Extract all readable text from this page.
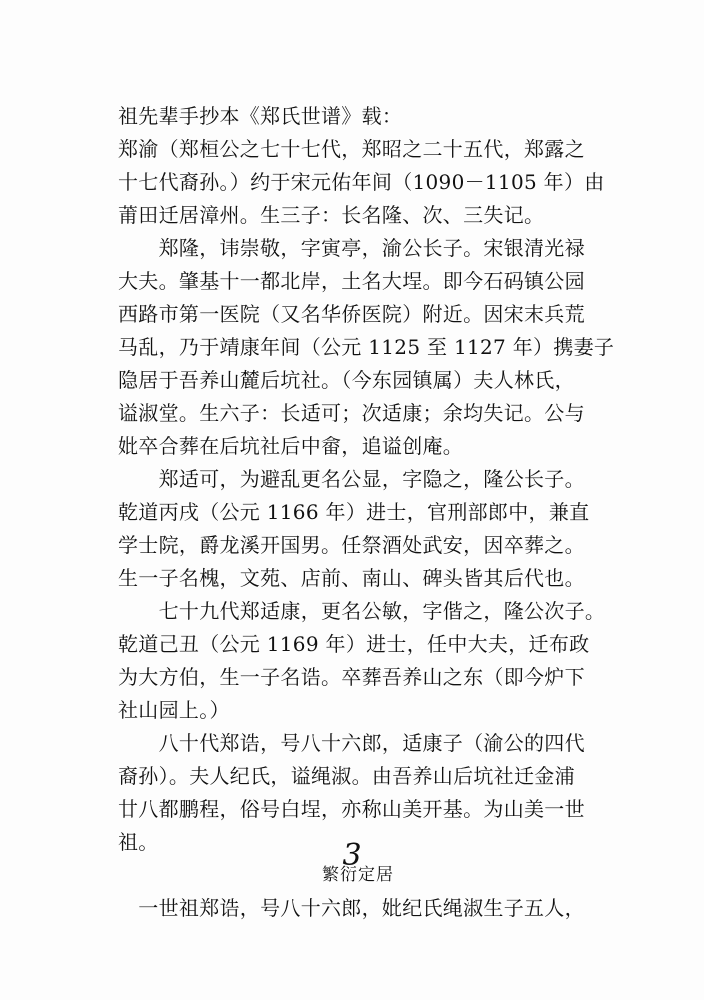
祖先辈手抄本《郑氏世谱》载：
郑渝（郑桓公之七十七代，郑昭之二十五代，郑露之
十七代裔孙。）约于宋元佑年间（1090－1105 年）由
莆田迁居漳州。生三子：长名隆、次、三失记。
　　郑隆，讳崇敬，字寅亭，渝公长子。宋银清光禄
大夫。肇基十一都北岸，土名大埕。即今石码镇公园
西路市第一医院（又名华侨医院）附近。因宋末兵荒
马乱，乃于靖康年间（公元 1125 至 1127 年）携妻子
隐居于吾养山麓后坑社。（今东园镇属）夫人林氏，
谥淑堂。生六子：长适可；次适康；余均失记。公与
妣卒合葬在后坑社后中畲，追谥创庵。
　　郑适可，为避乱更名公显，字隐之，隆公长子。
乾道丙戌（公元 1166 年）进士，官刑部郎中，兼直
学士院，爵龙溪开国男。任祭酒处武安，因卒葬之。
生一子名槐，文苑、店前、南山、碑头皆其后代也。
　　七十九代郑适康，更名公敏，字偕之，隆公次子。
乾道己丑（公元 1169 年）进士，任中大夫，迁布政
为大方伯，生一子名诰。卒葬吾养山之东（即今炉下
社山园上。）
　　八十代郑诰，号八十六郎，适康子（渝公的四代
裔孙）。夫人纪氏，谥绳淑。由吾养山后坑社迁金浦
廿八都鹏程，俗号白埕，亦称山美开基。为山美一世
祖。
繁衍定居
　一世祖郑诰，号八十六郎，妣纪氏绳淑生子五人，
3
